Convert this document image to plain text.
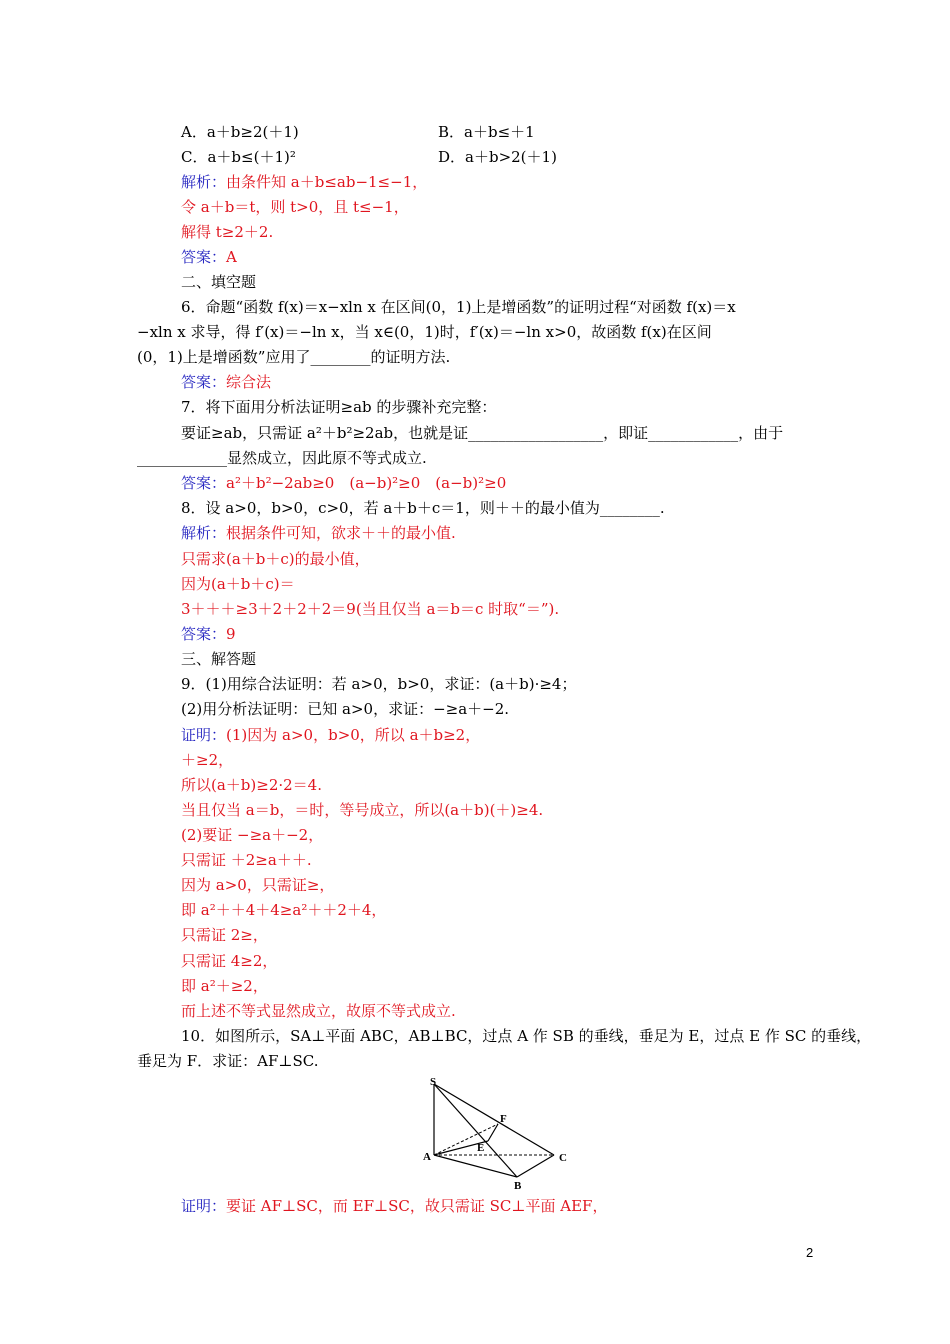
A．a＋b≥2(＋1)	B．a＋b≤＋1
C．a＋b≤(＋1)²	D．a＋b>2(＋1)
解析：由条件知 a＋b≤ab−1≤−1，
令 a＋b＝t，则 t>0，且 t≤−1，
解得 t≥2＋2.
答案：A
二、填空题
6．命题“函数 f(x)＝x−xln x 在区间(0，1)上是增函数”的证明过程“对函数 f(x)＝x
−xln x 求导，得 f′(x)＝−ln x，当 x∈(0，1)时，f′(x)＝−ln x>0，故函数 f(x)在区间
(0，1)上是增函数”应用了________的证明方法.
答案：综合法
7．将下面用分析法证明≥ab 的步骤补充完整：
要证≥ab，只需证 a²＋b²≥2ab，也就是证__________________，即证____________，由于
____________显然成立，因此原不等式成立.
答案：a²＋b²−2ab≥0　(a−b)²≥0　(a−b)²≥0
8．设 a>0，b>0，c>0，若 a＋b＋c＝1，则＋＋的最小值为________.
解析：根据条件可知，欲求＋＋的最小值.
只需求(a＋b＋c)的最小值，
因为(a＋b＋c)＝
3＋＋＋≥3＋2＋2＋2＝9(当且仅当 a＝b＝c 时取“＝”).
答案：9
三、解答题
9．(1)用综合法证明：若 a>0，b>0，求证：(a＋b)·≥4；
(2)用分析法证明：已知 a>0，求证：−≥a＋−2.
证明：(1)因为 a>0，b>0，所以 a＋b≥2，
＋≥2，
所以(a＋b)≥2·2＝4.
当且仅当 a＝b，＝时，等号成立，所以(a＋b)(＋)≥4.
(2)要证 −≥a＋−2，
只需证 ＋2≥a＋＋.
因为 a>0，只需证≥，
即 a²＋＋4＋4≥a²＋＋2＋4，
只需证 2≥，
只需证 4≥2，
即 a²＋≥2，
而上述不等式显然成立，故原不等式成立.
10．如图所示，SA⊥平面 ABC，AB⊥BC，过点 A 作 SB 的垂线，垂足为 E，过点 E 作 SC 的垂线，
垂足为 F．求证：AF⊥SC.
S
F
E
A
B
C
证明：要证 AF⊥SC，而 EF⊥SC，故只需证 SC⊥平面 AEF，
2
